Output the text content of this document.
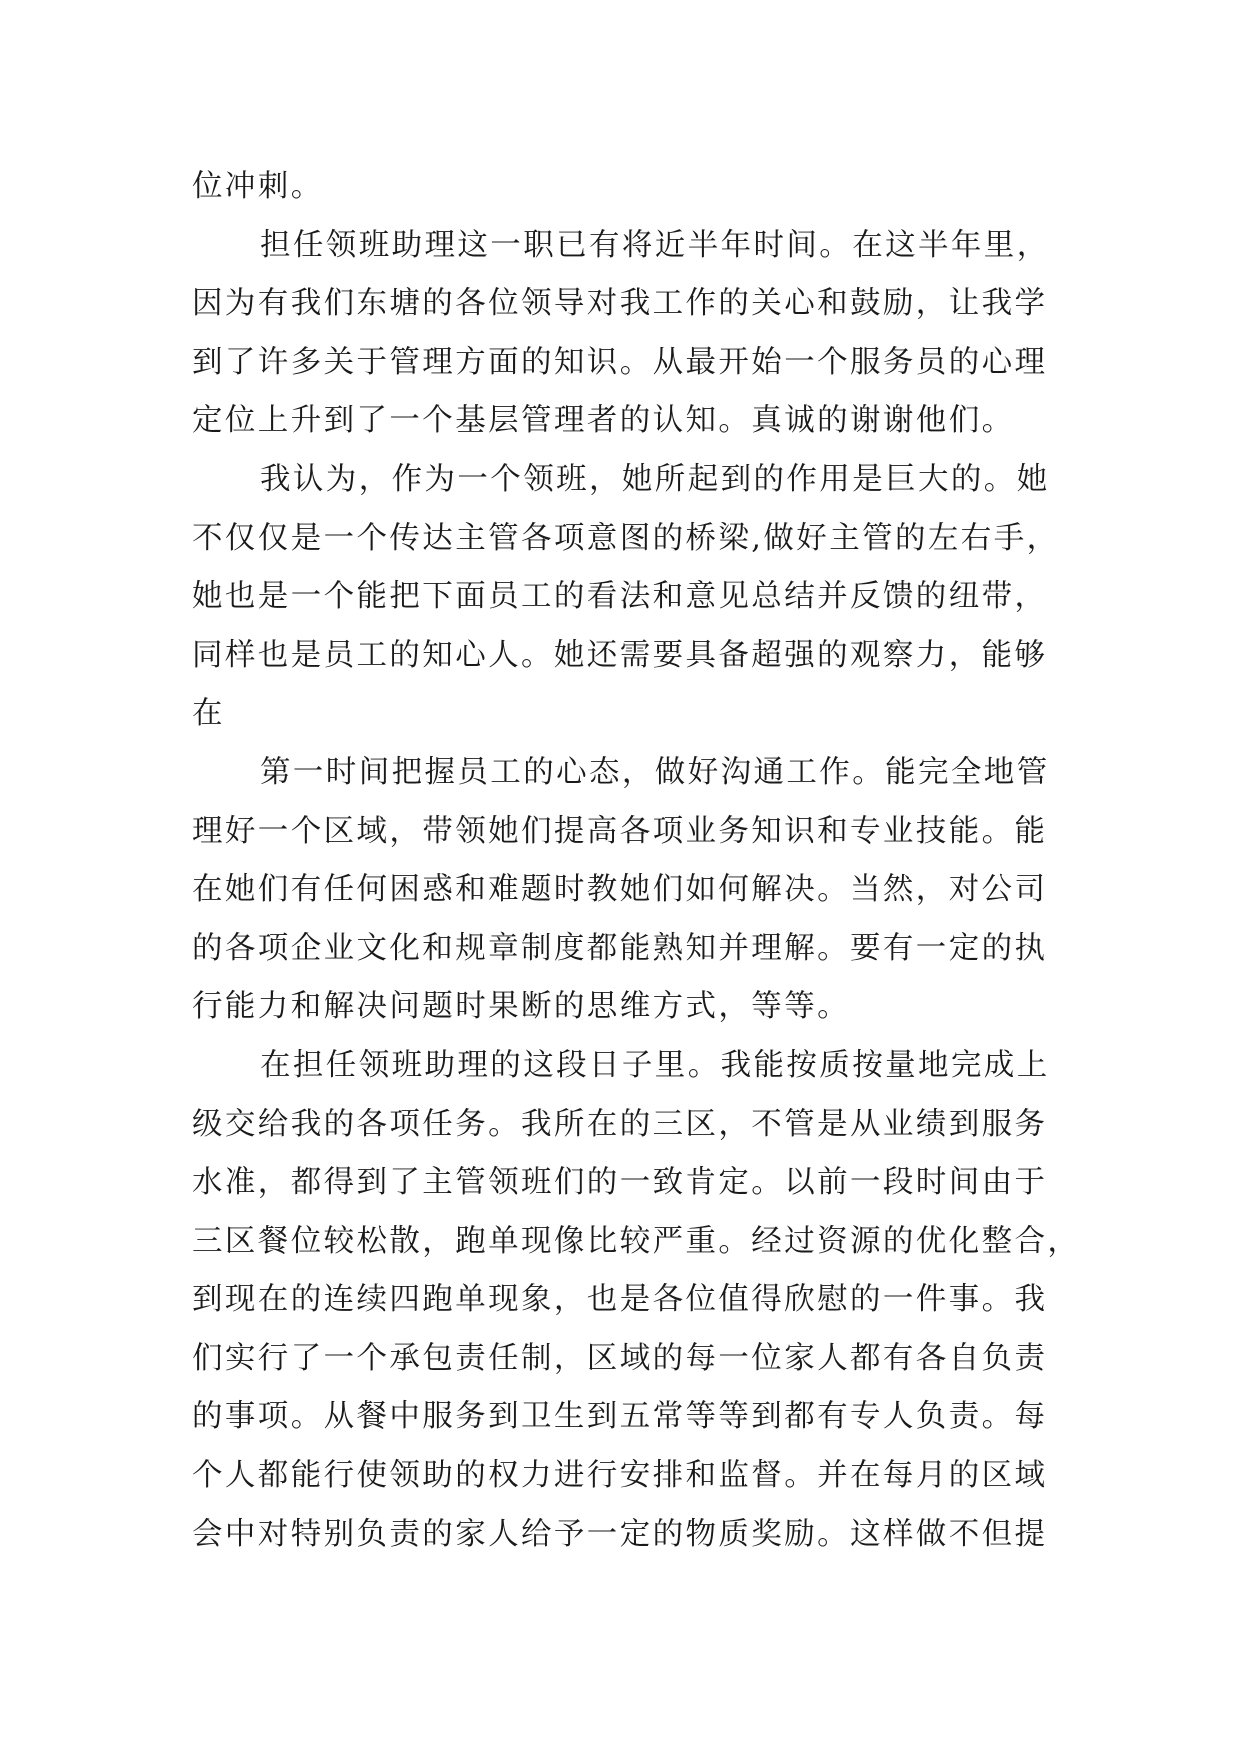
位冲刺。
担任领班助理这一职已有将近半年时间。在这半年里，
因为有我们东塘的各位领导对我工作的关心和鼓励，让我学
到了许多关于管理方面的知识。从最开始一个服务员的心理
定位上升到了一个基层管理者的认知。真诚的谢谢他们。
我认为，作为一个领班，她所起到的作用是巨大的。她
不仅仅是一个传达主管各项意图的桥梁,做好主管的左右手，
她也是一个能把下面员工的看法和意见总结并反馈的纽带，
同样也是员工的知心人。她还需要具备超强的观察力，能够
在
第一时间把握员工的心态，做好沟通工作。能完全地管
理好一个区域，带领她们提高各项业务知识和专业技能。能
在她们有任何困惑和难题时教她们如何解决。当然，对公司
的各项企业文化和规章制度都能熟知并理解。要有一定的执
行能力和解决问题时果断的思维方式，等等。
在担任领班助理的这段日子里。我能按质按量地完成上
级交给我的各项任务。我所在的三区，不管是从业绩到服务
水准，都得到了主管领班们的一致肯定。以前一段时间由于
三区餐位较松散，跑单现像比较严重。经过资源的优化整合，
到现在的连续四跑单现象，也是各位值得欣慰的一件事。我
们实行了一个承包责任制，区域的每一位家人都有各自负责
的事项。从餐中服务到卫生到五常等等到都有专人负责。每
个人都能行使领助的权力进行安排和监督。并在每月的区域
会中对特别负责的家人给予一定的物质奖励。这样做不但提
